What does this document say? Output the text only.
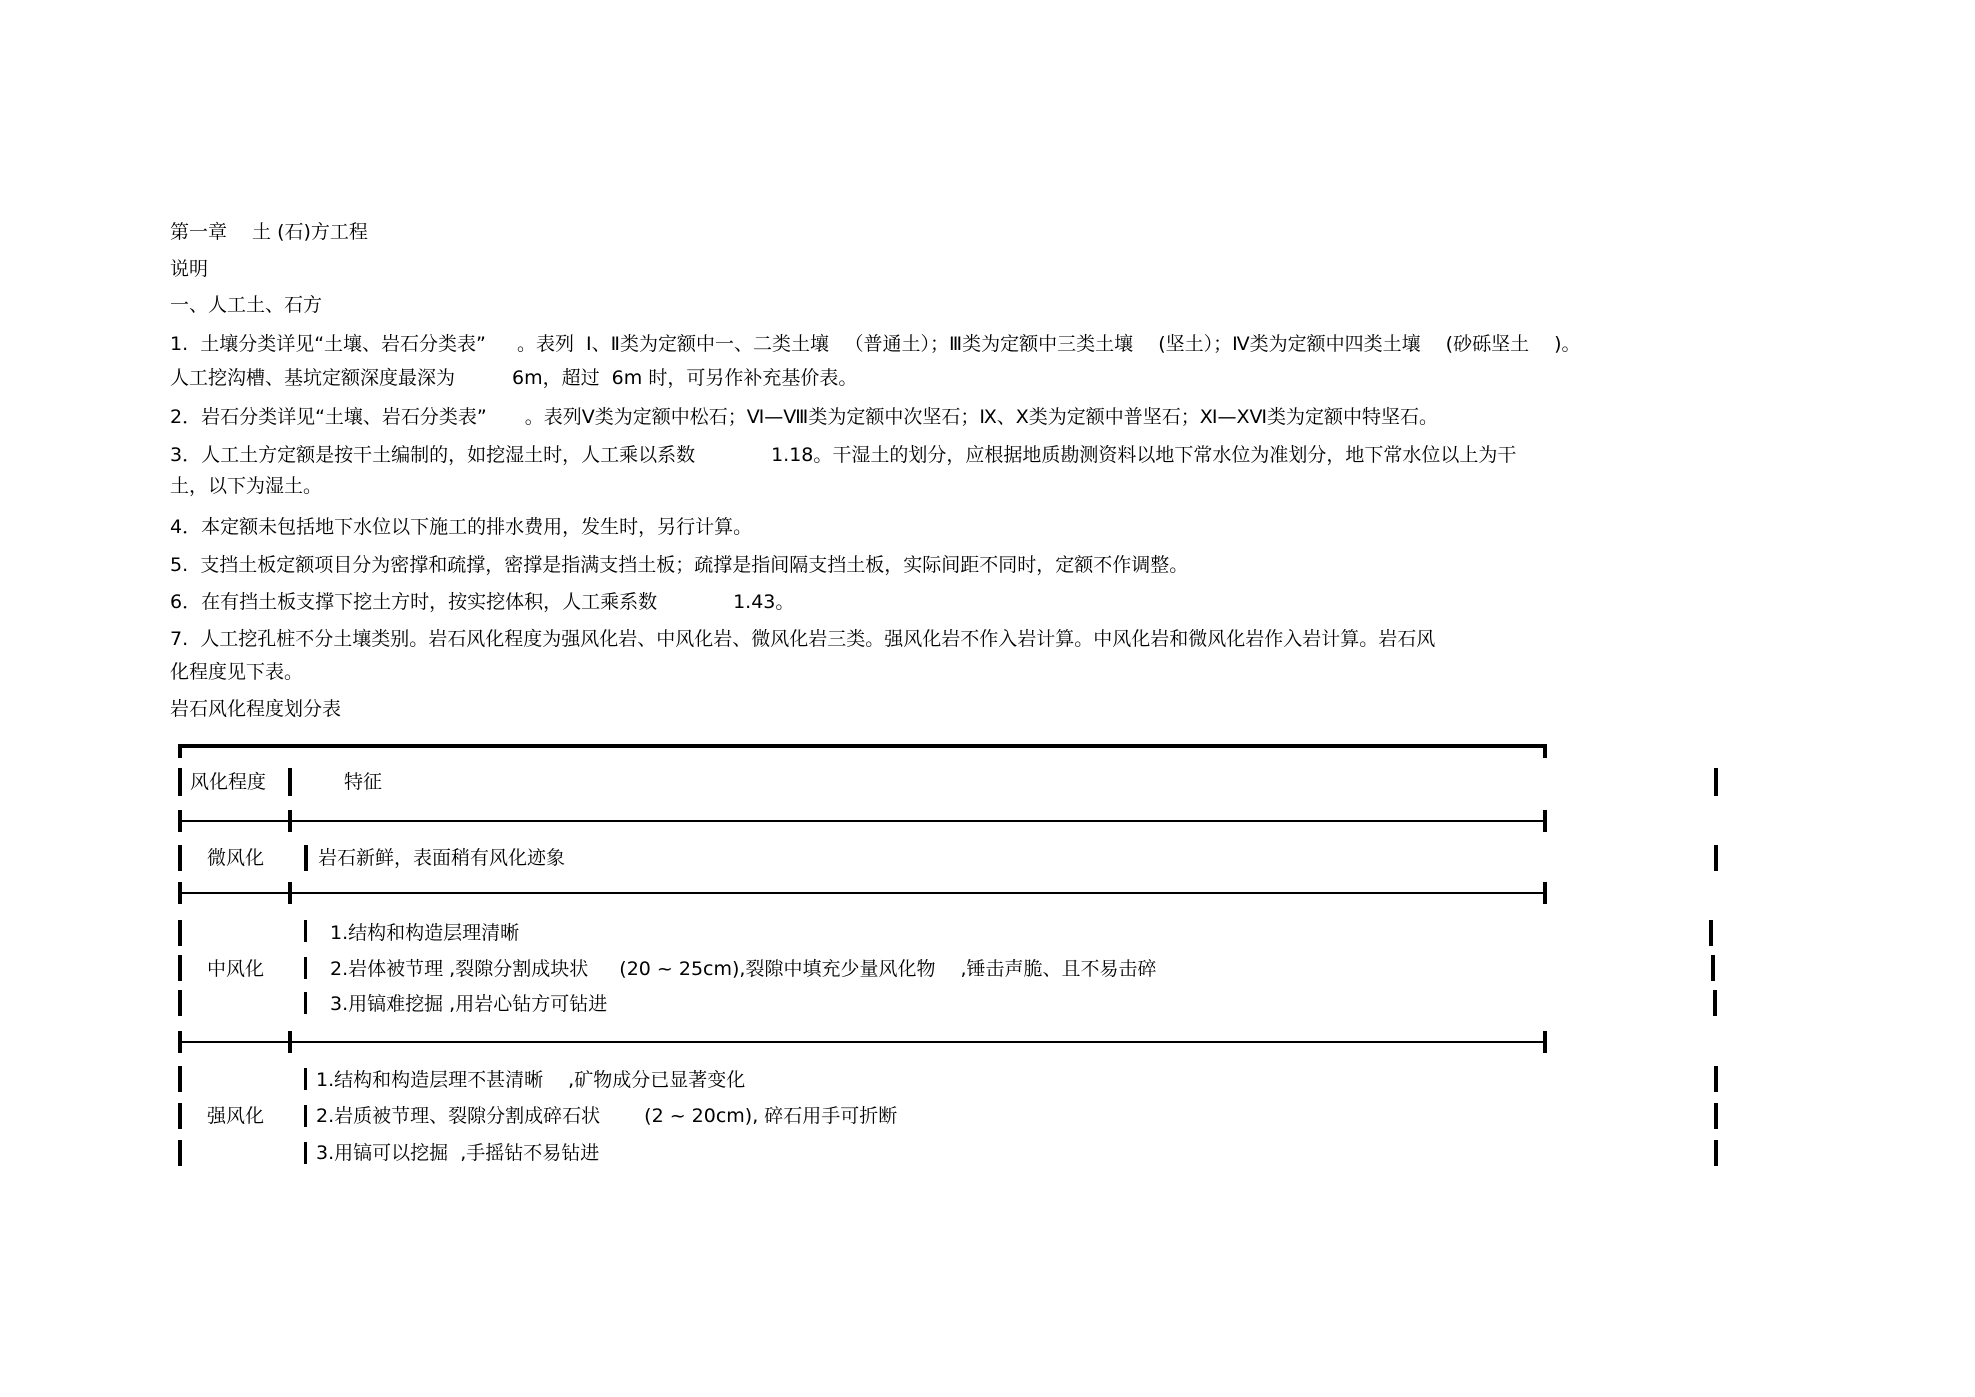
第一章 　土 (石)方工程
说明
一、人工土、石方
1.  土壤分类详见“土壤、岩石分类表”  　。表列  Ⅰ、Ⅱ类为定额中一、二类土壤 　（普通土）；Ⅲ类为定额中三类土壤 　(坚土）；Ⅳ类为定额中四类土壤 　(砂砾坚土 　)。
人工挖沟槽、基坑定额深度最深为　　　6m，超过  6m 时，可另作补充基价表。
2．岩石分类详见“土壤、岩石分类表”　　。表列Ⅴ类为定额中松石；Ⅵ—Ⅷ类为定额中次坚石；Ⅸ、Ⅹ类为定额中普坚石；Ⅺ—ⅩⅥ类为定额中特坚石。
3．人工土方定额是按干土编制的，如挖湿土时，人工乘以系数　　　　1.18。干湿土的划分，应根据地质勘测资料以地下常水位为准划分，地下常水位以上为干
土，以下为湿土。
4．本定额未包括地下水位以下施工的排水费用，发生时，另行计算。
5.  支挡土板定额项目分为密撑和疏撑，密撑是指满支挡土板；疏撑是指间隔支挡土板，实际间距不同时，定额不作调整。
6．在有挡土板支撑下挖土方时，按实挖体积，人工乘系数　　　　1.43。
7.  人工挖孔桩不分土壤类别。岩石风化程度为强风化岩、中风化岩、微风化岩三类。强风化岩不作入岩计算。中风化岩和微风化岩作入岩计算。岩石风
化程度见下表。
岩石风化程度划分表
风化程度	特征
微风化	岩石新鲜，表面稍有风化迹象
中风化
1.结构和构造层理清晰
2.岩体被节理 ,裂隙分割成块状  　(20 ~ 25cm),裂隙中填充少量风化物 　,锤击声脆、且不易击碎
3.用镐难挖掘 ,用岩心钻方可钻进
强风化
1.结构和构造层理不甚清晰 　,矿物成分已显著变化
2.岩质被节理、裂隙分割成碎石状 　　(2 ~ 20cm), 碎石用手可折断
3.用镐可以挖掘  ,手摇钻不易钻进
